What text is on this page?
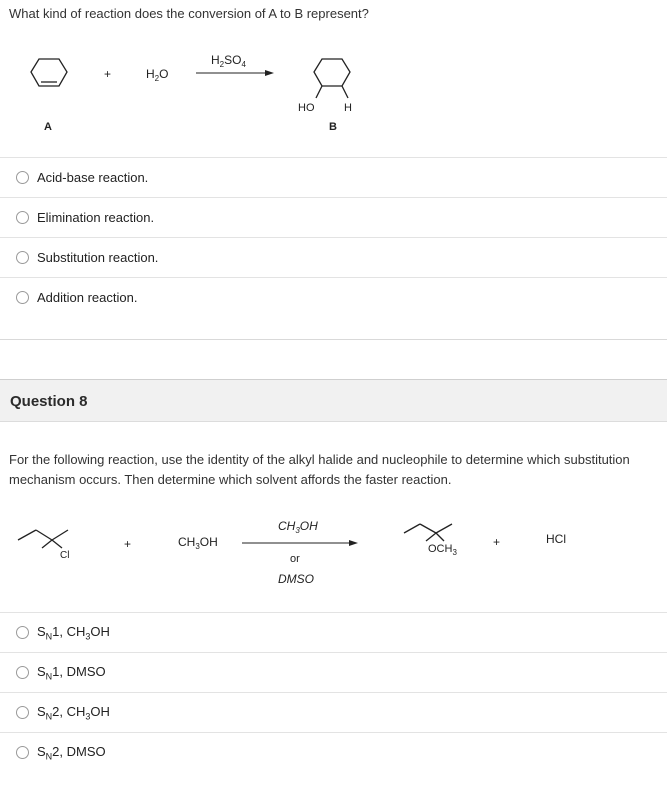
What kind of reaction does the conversion of A to B represent?
A
+	$H_2O$
$H_2SO_4$
HO	H
B
Cl
+	$CH_3OH$
$CH_3OH$
or
DMSO
$OCH_3$
+	HCl
Acid-base reaction.
Elimination reaction.
Substitution reaction.
Addition reaction.
Question 8
For the following reaction, use the identity of the alkyl halide and nucleophile to determine which substitution mechanism occurs. Then determine which solvent affords the faster reaction.
$S_N1$, $CH_3OH$
$S_N1$, DMSO
$S_N2$, $CH_3OH$
$S_N2$, DMSO
